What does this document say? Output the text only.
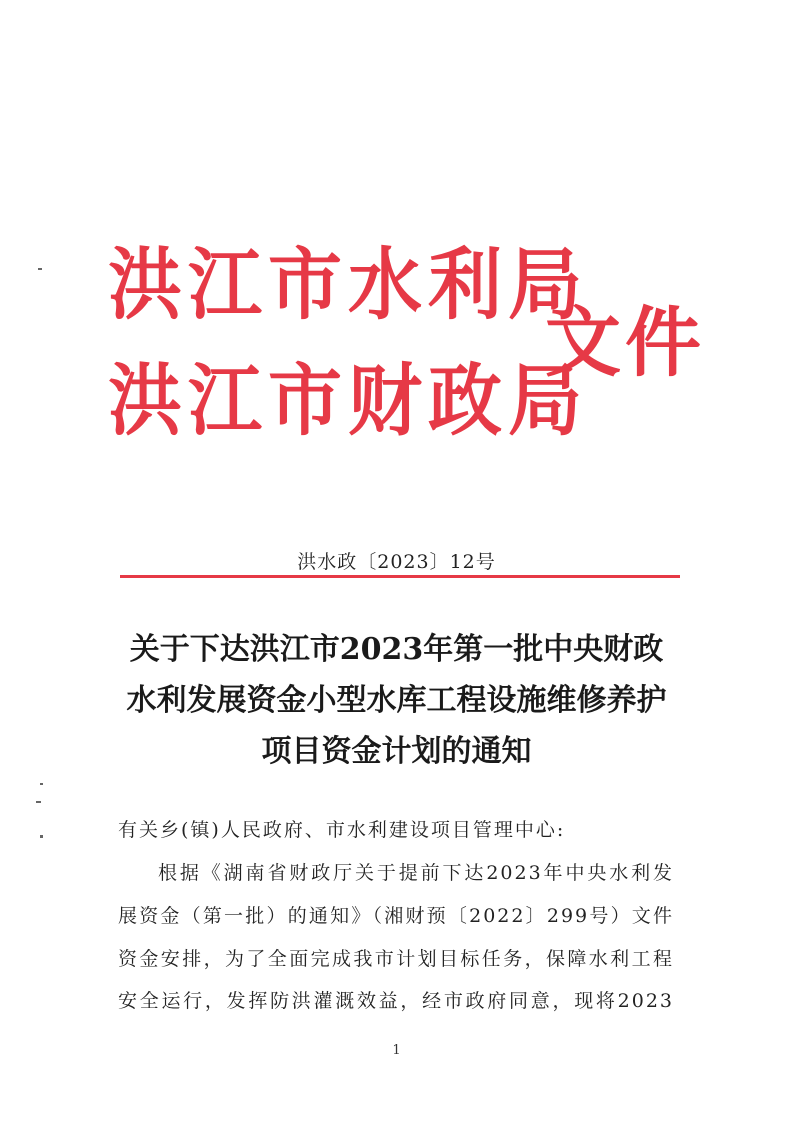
洪江市水利局
洪江市财政局
文件
洪水政〔2023〕12号
关于下达洪江市2023年第一批中央财政
水利发展资金小型水库工程设施维修养护
项目资金计划的通知
有关乡(镇)人民政府、市水利建设项目管理中心:
根据《湖南省财政厅关于提前下达2023年中央水利发
展资金（第一批）的通知》（湘财预〔2022〕299号）文件
资金安排，为了全面完成我市计划目标任务，保障水利工程
安全运行，发挥防洪灌溉效益，经市政府同意，现将2023
1
